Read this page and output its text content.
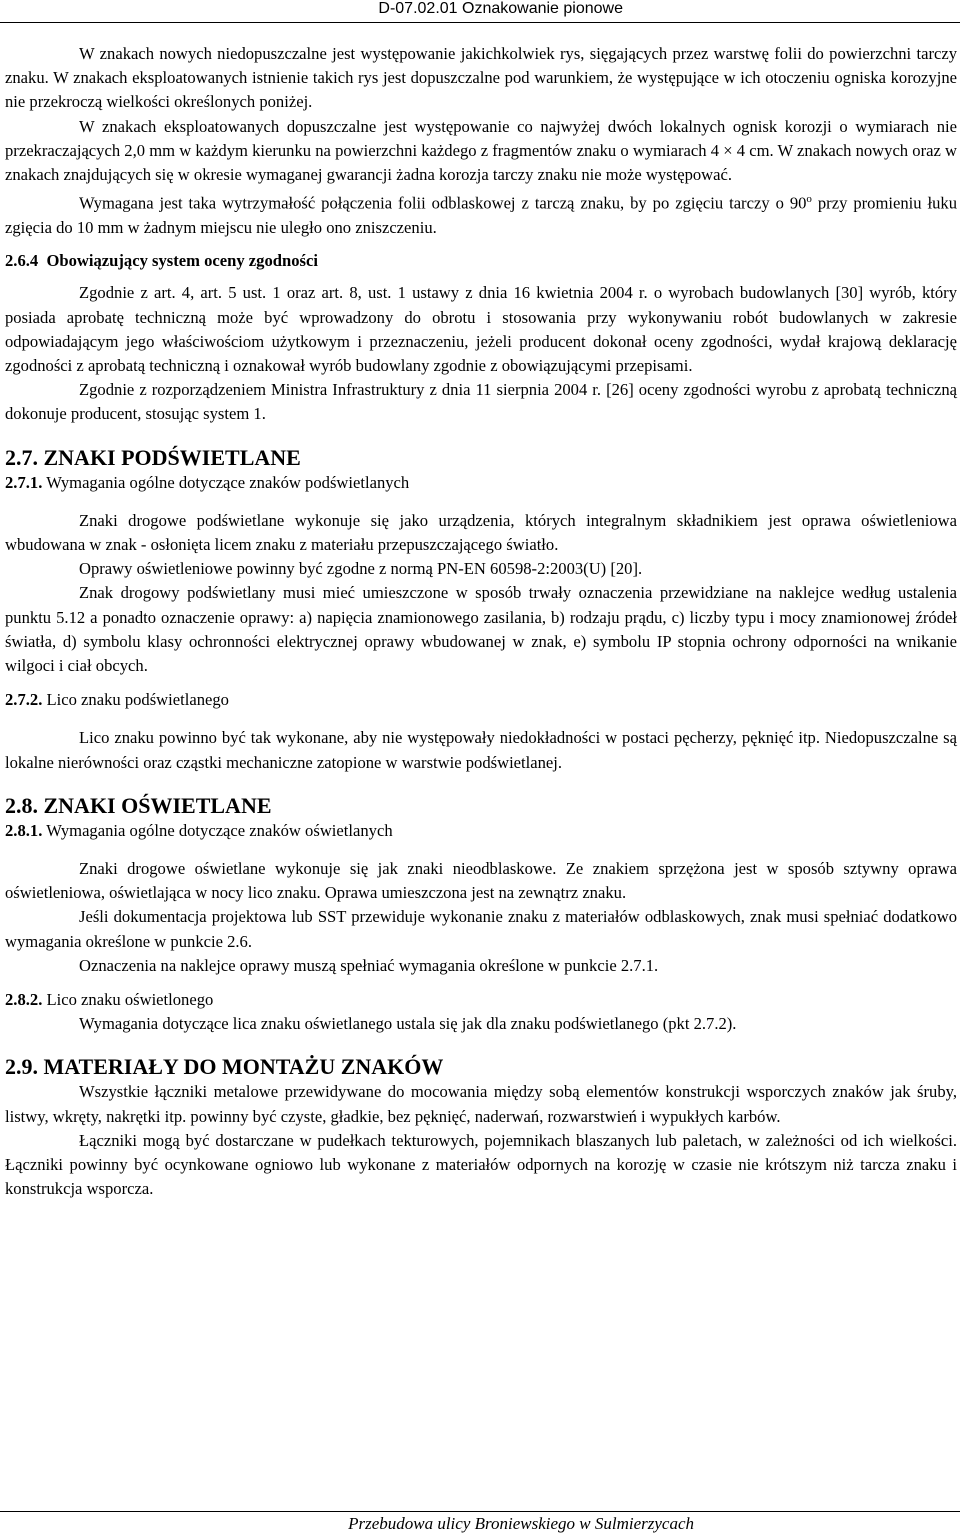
D-07.02.01 Oznakowanie pionowe

W znakach nowych niedopuszczalne jest występowanie jakichkolwiek rys, sięgających przez warstwę folii do powierzchni tarczy znaku. W znakach eksploatowanych istnienie takich rys jest dopuszczalne pod warunkiem, że występujące w ich otoczeniu ogniska korozyjne nie przekroczą wielkości określonych poniżej.

W znakach eksploatowanych dopuszczalne jest występowanie co najwyżej dwóch lokalnych ognisk korozji o wymiarach nie przekraczających 2,0 mm w każdym kierunku na powierzchni każdego z fragmentów znaku o wymiarach 4 × 4 cm. W znakach nowych oraz w znakach znajdujących się w okresie wymaganej gwarancji żadna korozja tarczy znaku nie może występować.

Wymagana jest taka wytrzymałość połączenia folii odblaskowej z tarczą znaku, by po zgięciu tarczy o 90$^o$ przy promieniu łuku zgięcia do 10 mm w żadnym miejscu nie uległo ono zniszczeniu.

2.6.4 Obowiązujący system oceny zgodności

Zgodnie z art. 4, art. 5 ust. 1 oraz art. 8, ust. 1 ustawy z dnia 16 kwietnia 2004 r. o wyrobach budowlanych [30] wyrób, który posiada aprobatę techniczną może być wprowadzony do obrotu i stosowania przy wykonywaniu robót budowlanych w zakresie odpowiadającym jego właściwościom użytkowym i przeznaczeniu, jeżeli producent dokonał oceny zgodności, wydał krajową deklarację zgodności z aprobatą techniczną i oznakował wyrób budowlany zgodnie z obowiązującymi przepisami.

Zgodnie z rozporządzeniem Ministra Infrastruktury z dnia 11 sierpnia 2004 r. [26] oceny zgodności wyrobu z aprobatą techniczną dokonuje producent, stosując system 1.

2.7. ZNAKI PODŚWIETLANE

2.7.1. Wymagania ogólne dotyczące znaków podświetlanych

Znaki drogowe podświetlane wykonuje się jako urządzenia, których integralnym składnikiem jest oprawa oświetleniowa wbudowana w znak - osłonięta licem znaku z materiału przepuszczającego światło.

Oprawy oświetleniowe powinny być zgodne z normą PN-EN 60598-2:2003(U) [20].

Znak drogowy podświetlany musi mieć umieszczone w sposób trwały oznaczenia przewidziane na naklejce według ustalenia punktu 5.12 a ponadto oznaczenie oprawy: a) napięcia znamionowego zasilania, b) rodzaju prądu, c) liczby typu i mocy znamionowej źródeł światła, d) symbolu klasy ochronności elektrycznej oprawy wbudowanej w znak, e) symbolu IP stopnia ochrony odporności na wnikanie wilgoci i ciał obcych.

2.7.2. Lico znaku podświetlanego

Lico znaku powinno być tak wykonane, aby nie występowały niedokładności w postaci pęcherzy, pęknięć itp. Niedopuszczalne są lokalne nierówności oraz cząstki mechaniczne zatopione w warstwie podświetlanej.

2.8. ZNAKI OŚWIETLANE

2.8.1. Wymagania ogólne dotyczące znaków oświetlanych

Znaki drogowe oświetlane wykonuje się jak znaki nieodblaskowe. Ze znakiem sprzężona jest w sposób sztywny oprawa oświetleniowa, oświetlająca w nocy lico znaku. Oprawa umieszczona jest na zewnątrz znaku.

Jeśli dokumentacja projektowa lub SST przewiduje wykonanie znaku z materiałów odblaskowych, znak musi spełniać dodatkowo wymagania określone w punkcie 2.6.

Oznaczenia na naklejce oprawy muszą spełniać wymagania określone w punkcie 2.7.1.

2.8.2. Lico znaku oświetlonego

Wymagania dotyczące lica znaku oświetlanego ustala się jak dla znaku podświetlanego (pkt 2.7.2).

2.9. MATERIAŁY DO MONTAŻU ZNAKÓW

Wszystkie łączniki metalowe przewidywane do mocowania między sobą elementów konstrukcji wsporczych znaków jak śruby, listwy, wkręty, nakrętki itp. powinny być czyste, gładkie, bez pęknięć, naderwań, rozwarstwień i wypukłych karbów.

Łączniki mogą być dostarczane w pudełkach tekturowych, pojemnikach blaszanych lub paletach, w zależności od ich wielkości. Łączniki powinny być ocynkowane ogniowo lub wykonane z materiałów odpornych na korozję w czasie nie krótszym niż tarcza znaku i konstrukcja wsporcza.

Przebudowa ulicy Broniewskiego w Sulmierzycach
